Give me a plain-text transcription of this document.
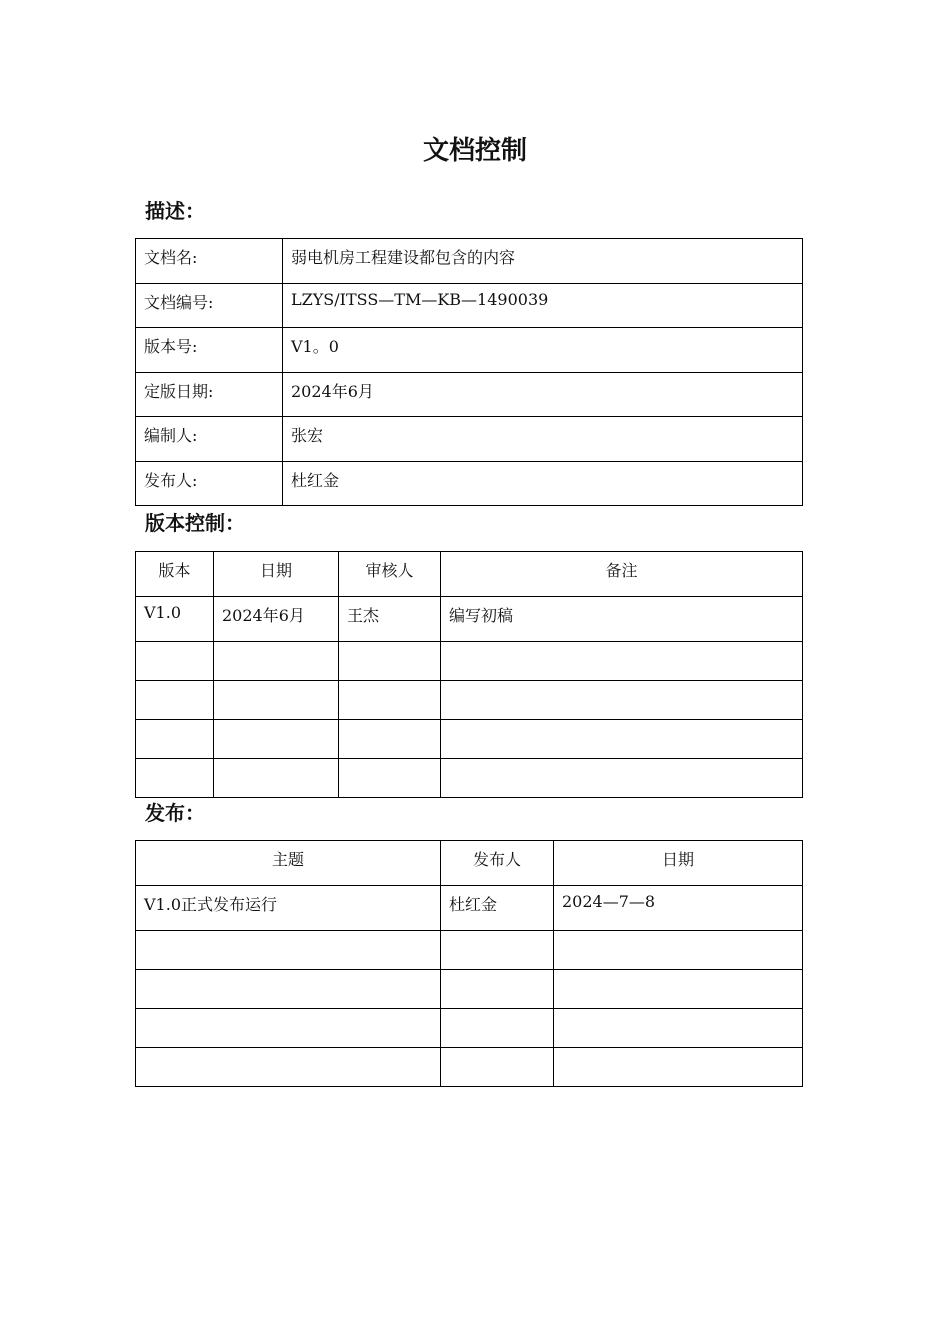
文档控制
描述：
文档名:	弱电机房工程建设都包含的内容
文档编号:	LZYS/ITSS—TM—KB—1490039
版本号:	V1。0
定版日期:	2024年6月
编制人:	张宏
发布人:	杜红金
版本控制：
版本	日期	审核人	备注
V1.0	2024年6月	王杰	编写初稿

发布：
主题	发布人	日期
V1.0正式发布运行	杜红金	2024—7—8
